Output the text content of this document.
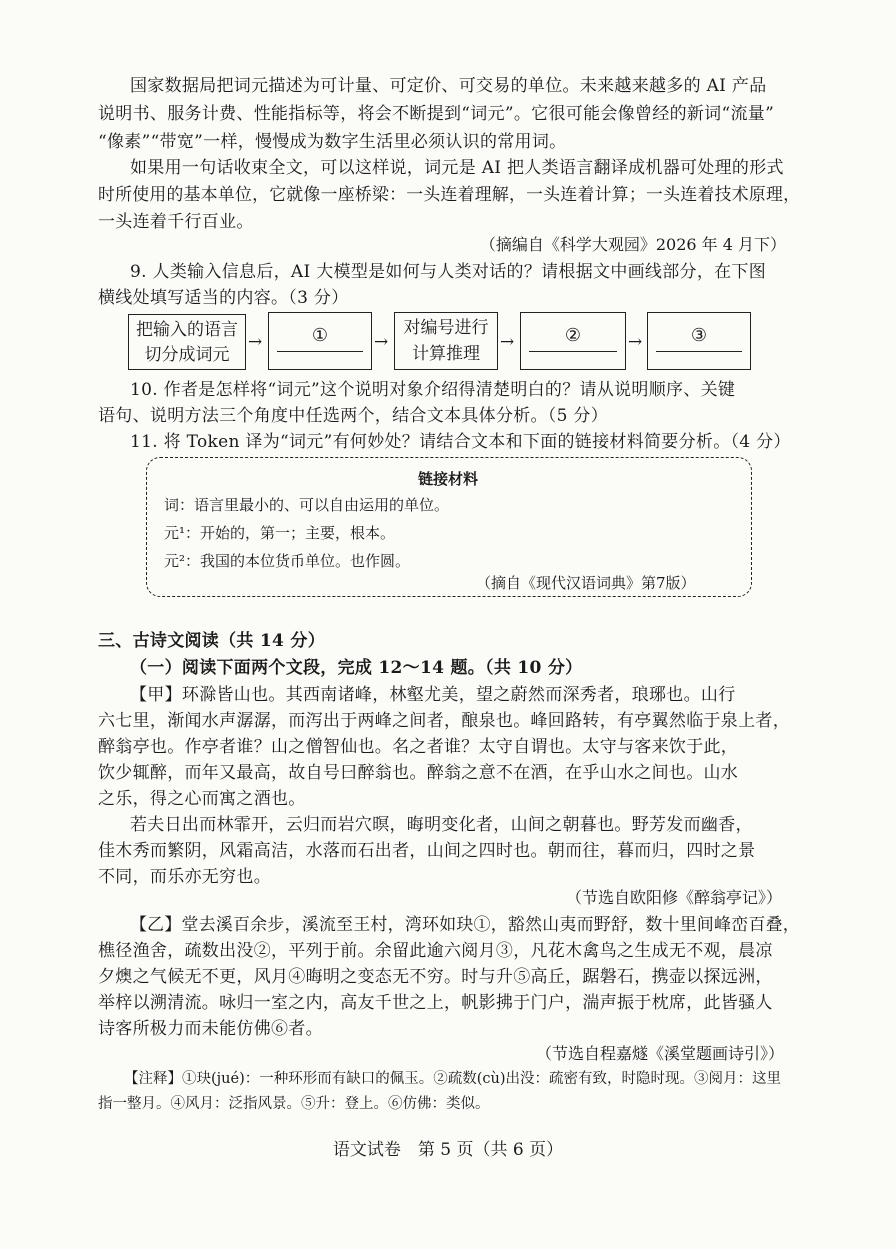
国家数据局把词元描述为可计量、可定价、可交易的单位。未来越来越多的 AI 产品

说明书、服务计费、性能指标等，将会不断提到“词元”。它很可能会像曾经的新词“流量”

“像素”“带宽”一样，慢慢成为数字生活里必须认识的常用词。

如果用一句话收束全文，可以这样说，词元是 AI 把人类语言翻译成机器可处理的形式

时所使用的基本单位，它就像一座桥梁：一头连着理解，一头连着计算；一头连着技术原理，

一头连着千行百业。

（摘编自《科学大观园》2026 年 4 月下）

9. 人类输入信息后，AI 大模型是如何与人类对话的？请根据文中画线部分，在下图

横线处填写适当的内容。（3 分）

把输入的语言
切分成词元
→	①	→
对编号进行
计算推理
→	②	→	③

10. 作者是怎样将“词元”这个说明对象介绍得清楚明白的？请从说明顺序、关键

语句、说明方法三个角度中任选两个，结合文本具体分析。（5 分）

11. 将 Token 译为“词元”有何妙处？请结合文本和下面的链接材料简要分析。（4 分）

链接材料
词：语言里最小的、可以自由运用的单位。
元¹：开始的，第一；主要，根本。
元²：我国的本位货币单位。也作圆。
（摘自《现代汉语词典》第7版）

三、古诗文阅读（共 14 分）

（一）阅读下面两个文段，完成 12～14 题。（共 10 分）

【甲】环滁皆山也。其西南诸峰，林壑尤美，望之蔚然而深秀者，琅琊也。山行

六七里，渐闻水声潺潺，而泻出于两峰之间者，酿泉也。峰回路转，有亭翼然临于泉上者，

醉翁亭也。作亭者谁？山之僧智仙也。名之者谁？太守自谓也。太守与客来饮于此，

饮少辄醉，而年又最高，故自号曰醉翁也。醉翁之意不在酒，在乎山水之间也。山水

之乐，得之心而寓之酒也。

若夫日出而林霏开，云归而岩穴暝，晦明变化者，山间之朝暮也。野芳发而幽香，

佳木秀而繁阴，风霜高洁，水落而石出者，山间之四时也。朝而往，暮而归，四时之景

不同，而乐亦无穷也。

（节选自欧阳修《醉翁亭记》）

【乙】堂去溪百余步，溪流至王村，湾环如玦①，豁然山夷而野舒，数十里间峰峦百叠，

樵径渔舍，疏数出没②，平列于前。余留此逾六阅月③，凡花木禽鸟之生成无不观，晨凉

夕燠之气候无不更，风月④晦明之变态无不穷。时与升⑤高丘，踞磐石，携壶以探远洲，

举梓以溯清流。咏归一室之内，高友千世之上，帆影拂于门户，湍声振于枕席，此皆骚人

诗客所极力而未能仿佛⑥者。

（节选自程嘉燧《溪堂题画诗引》）
【注释】①玦(jué)：一种环形而有缺口的佩玉。②疏数(cù)出没：疏密有致，时隐时现。③阅月：这里
指一整月。④风月：泛指风景。⑤升：登上。⑥仿佛：类似。
语文试卷　第 5 页（共 6 页）
